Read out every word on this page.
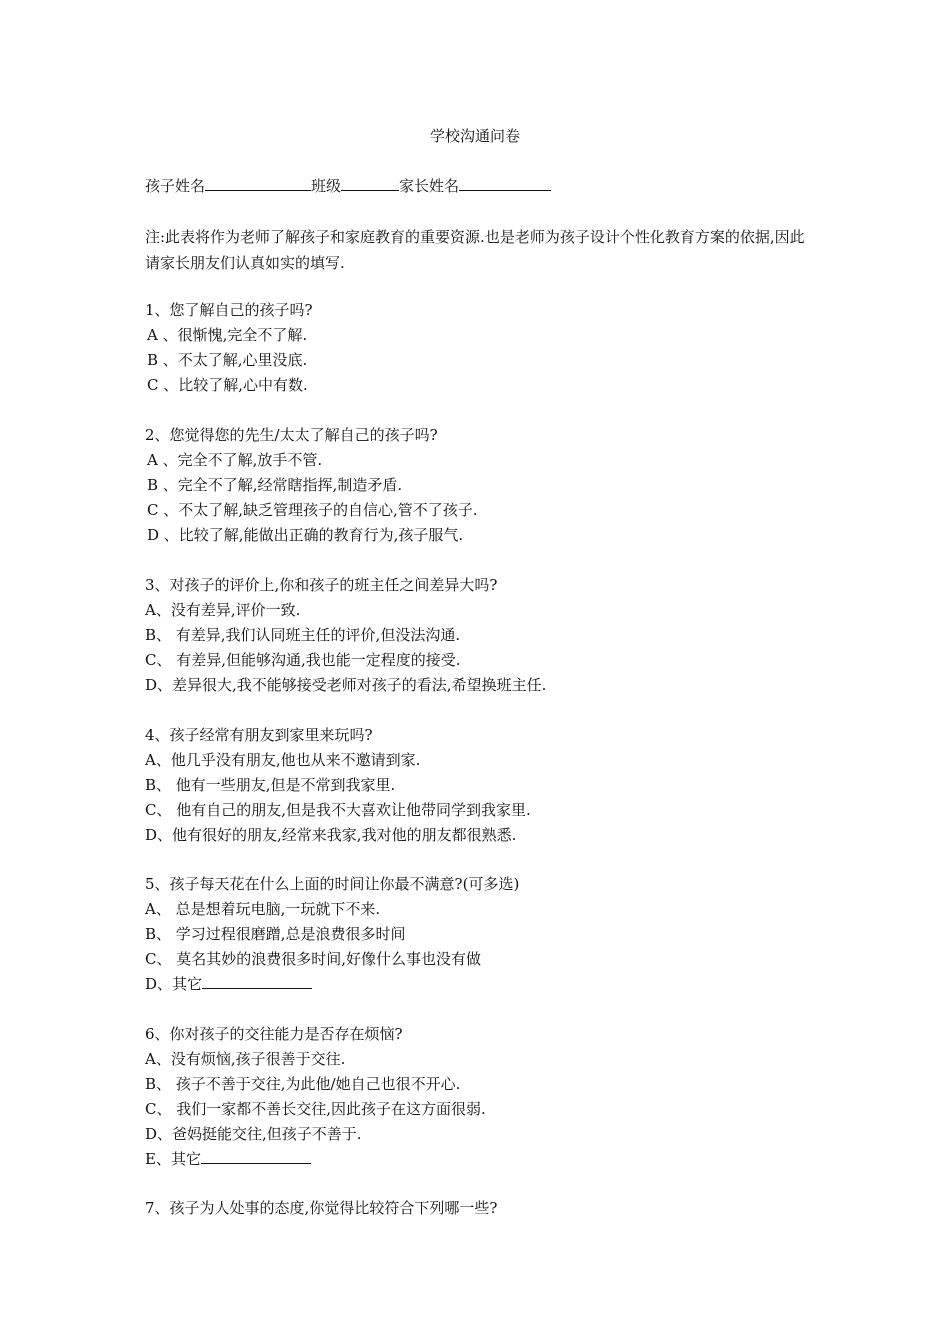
学校沟通问卷
孩子姓名	班级	家长姓名
注:此表将作为老师了解孩子和家庭教育的重要资源.也是老师为孩子设计个性化教育方案的依据,因此请家长朋友们认真如实的填写.
1、您了解自己的孩子吗?
A 、很惭愧,完全不了解.
B 、不太了解,心里没底.
C 、比较了解,心中有数.
2、您觉得您的先生/太太了解自己的孩子吗?
A 、完全不了解,放手不管.
B 、完全不了解,经常瞎指挥,制造矛盾.
C 、不太了解,缺乏管理孩子的自信心,管不了孩子.
D 、比较了解,能做出正确的教育行为,孩子服气.
3、对孩子的评价上,你和孩子的班主任之间差异大吗?
A、没有差异,评价一致.
B、 有差异,我们认同班主任的评价,但没法沟通.
C、 有差异,但能够沟通,我也能一定程度的接受.
D、差异很大,我不能够接受老师对孩子的看法,希望换班主任.
4、孩子经常有朋友到家里来玩吗?
A、他几乎没有朋友,他也从来不邀请到家.
B、 他有一些朋友,但是不常到我家里.
C、 他有自己的朋友,但是我不大喜欢让他带同学到我家里.
D、他有很好的朋友,经常来我家,我对他的朋友都很熟悉.
5、孩子每天花在什么上面的时间让你最不满意?(可多选)
A、 总是想着玩电脑,一玩就下不来.
B、 学习过程很磨蹭,总是浪费很多时间
C、 莫名其妙的浪费很多时间,好像什么事也没有做
D、其它
6、你对孩子的交往能力是否存在烦恼?
A、没有烦恼,孩子很善于交往.
B、 孩子不善于交往,为此他/她自己也很不开心.
C、 我们一家都不善长交往,因此孩子在这方面很弱.
D、爸妈挺能交往,但孩子不善于.
E、其它
7、孩子为人处事的态度,你觉得比较符合下列哪一些?
